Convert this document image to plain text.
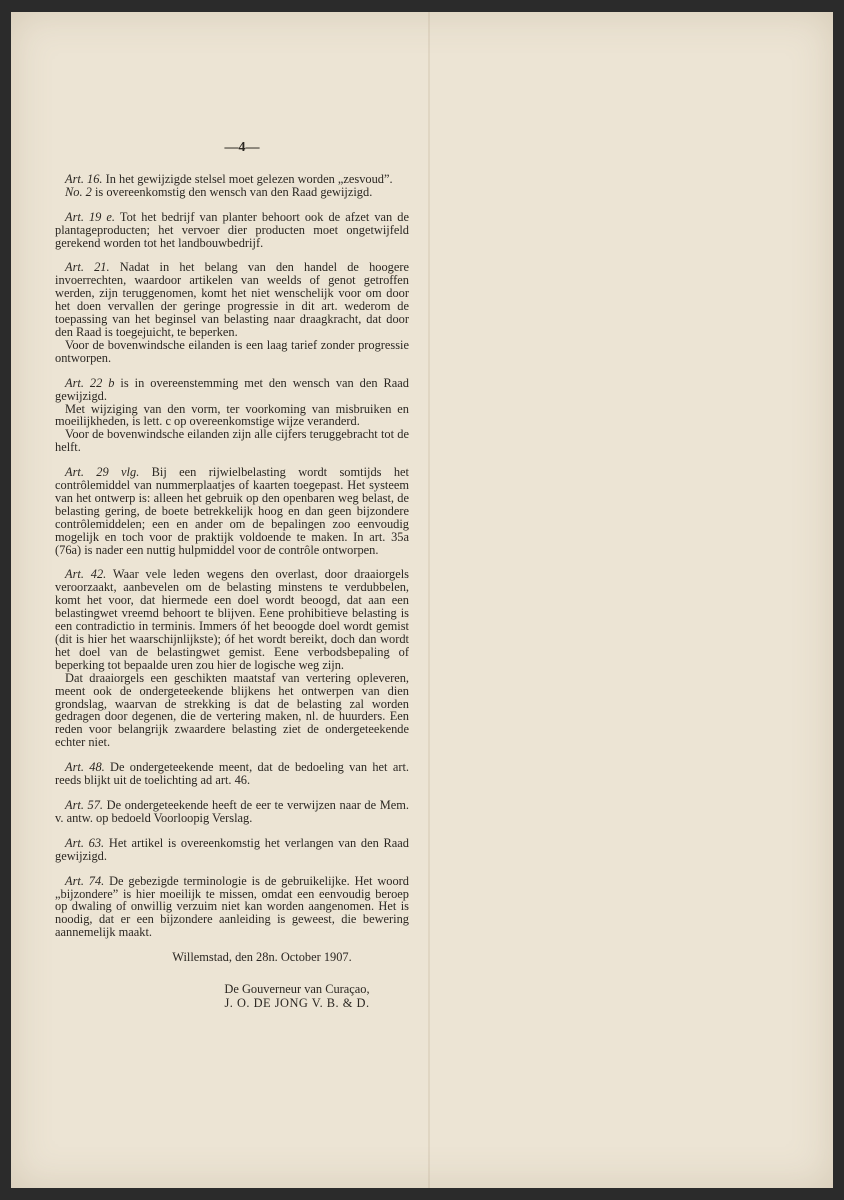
—4—

Art. 16. In het gewijzigde stelsel moet gelezen worden „zesvoud”.

No. 2 is overeenkomstig den wensch van den Raad gewijzigd.

Art. 19 e. Tot het bedrijf van planter behoort ook de afzet van de plantageproducten; het vervoer dier producten moet ongetwijfeld gerekend worden tot het landbouwbedrijf.

Art. 21. Nadat in het belang van den handel de hoogere invoerrechten, waardoor artikelen van weelds of genot getroffen werden, zijn teruggenomen, komt het niet wenschelijk voor om door het doen vervallen der geringe progressie in dit art. wederom de toepassing van het beginsel van belasting naar draagkracht, dat door den Raad is toegejuicht, te beperken.

Voor de bovenwindsche eilanden is een laag tarief zonder progressie ontworpen.

Art. 22 b is in overeenstemming met den wensch van den Raad gewijzigd.

Met wijziging van den vorm, ter voorkoming van misbruiken en moeilijkheden, is lett. c op overeenkomstige wijze veranderd.

Voor de bovenwindsche eilanden zijn alle cijfers teruggebracht tot de helft.

Art. 29 vlg. Bij een rijwielbelasting wordt somtijds het contrôlemiddel van nummerplaatjes of kaarten toegepast. Het systeem van het ontwerp is: alleen het gebruik op den openbaren weg belast, de belasting gering, de boete betrekkelijk hoog en dan geen bijzondere contrôlemiddelen; een en ander om de bepalingen zoo eenvoudig mogelijk en toch voor de praktijk voldoende te maken. In art. 35a (76a) is nader een nuttig hulpmiddel voor de contrôle ontworpen.

Art. 42. Waar vele leden wegens den overlast, door draaiorgels veroorzaakt, aanbevelen om de belasting minstens te verdubbelen, komt het voor, dat hiermede een doel wordt beoogd, dat aan een belastingwet vreemd behoort te blijven. Eene prohibitieve belasting is een contradictio in terminis. Immers óf het beoogde doel wordt gemist (dit is hier het waarschijnlijkste); óf het wordt bereikt, doch dan wordt het doel van de belastingwet gemist. Eene verbodsbepaling of beperking tot bepaalde uren zou hier de logische weg zijn.

Dat draaiorgels een geschikten maatstaf van vertering opleveren, meent ook de ondergeteekende blijkens het ontwerpen van dien grondslag, waarvan de strekking is dat de belasting zal worden gedragen door degenen, die de vertering maken, nl. de huurders. Een reden voor belangrijk zwaardere belasting ziet de ondergeteekende echter niet.

Art. 48. De ondergeteekende meent, dat de bedoeling van het art. reeds blijkt uit de toelichting ad art. 46.

Art. 57. De ondergeteekende heeft de eer te verwijzen naar de Mem. v. antw. op bedoeld Voorloopig Verslag.

Art. 63. Het artikel is overeenkomstig het verlangen van den Raad gewijzigd.

Art. 74. De gebezigde terminologie is de gebruikelijke. Het woord „bijzondere” is hier moeilijk te missen, omdat een eenvoudig beroep op dwaling of onwillig verzuim niet kan worden aangenomen. Het is noodig, dat er een bijzondere aanleiding is geweest, die bewering aannemelijk maakt.

Willemstad, den 28n. October 1907.
De Gouverneur van Curaçao,
J. O. DE JONG V. B. & D.
